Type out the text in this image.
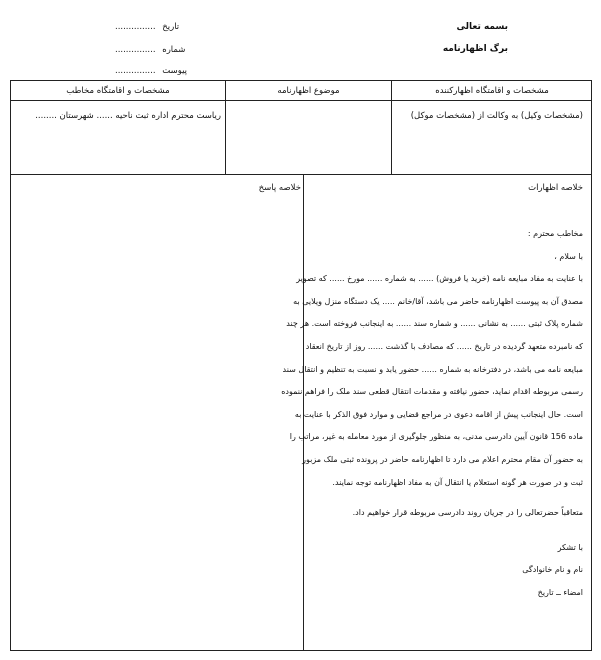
بسمه تعالی
برگ اظهارنامه
............... تاریخ
............... شماره
............... پیوست
مشخصات و اقامتگاه اظهارکننده
موضوع اظهارنامه
مشخصات و اقامتگاه مخاطب
(مشخصات وکیل) به وکالت از (مشخصات موکل)
ریاست محترم اداره ثبت ناحیه ...... شهرستان ........
خلاصه اظهارات
خلاصه پاسخ

مخاطب محترم :

با سلام ،

با عنایت به مفاد مبایعه نامه (خرید یا فروش) ...... به شماره ...... مورخ ...... که تصویر

مصدق آن به پیوست اظهارنامه حاضر می باشد، آقا/خانم ..... یک دستگاه منزل ویلایی به

شماره پلاک ثبتی ...... به نشانی ...... و شماره سند ...... به اینجانب فروخته است. هر چند

که نامبرده متعهد گردیده در تاریخ ...... که مصادف با گذشت ...... روز از تاریخ انعقاد

مبایعه نامه می باشد، در دفترخانه به شماره ...... حضور یابد و نسبت به تنظیم و انتقال سند

رسمی مربوطه اقدام نماید، حضور نیافته و مقدمات انتقال قطعی سند ملک را فراهم ننموده

است. حال اینجانب پیش از اقامه دعوی در مراجع قضایی و موارد فوق الذکر با عنایت به

ماده 156 قانون آیین دادرسی مدنی، به منظور جلوگیری از مورد معامله به غیر، مراتب را

به حضور آن مقام محترم اعلام می دارد تا اظهارنامه حاضر در پرونده ثبتی ملک مزبور

ثبت و در صورت هر گونه استعلام یا انتقال آن به مفاد اظهارنامه توجه نمایند.

متعاقباً حضرتعالی را در جریان روند دادرسی مربوطه قرار خواهیم داد.

با تشکر

نام و نام خانوادگی

امضاء ــ تاریخ
